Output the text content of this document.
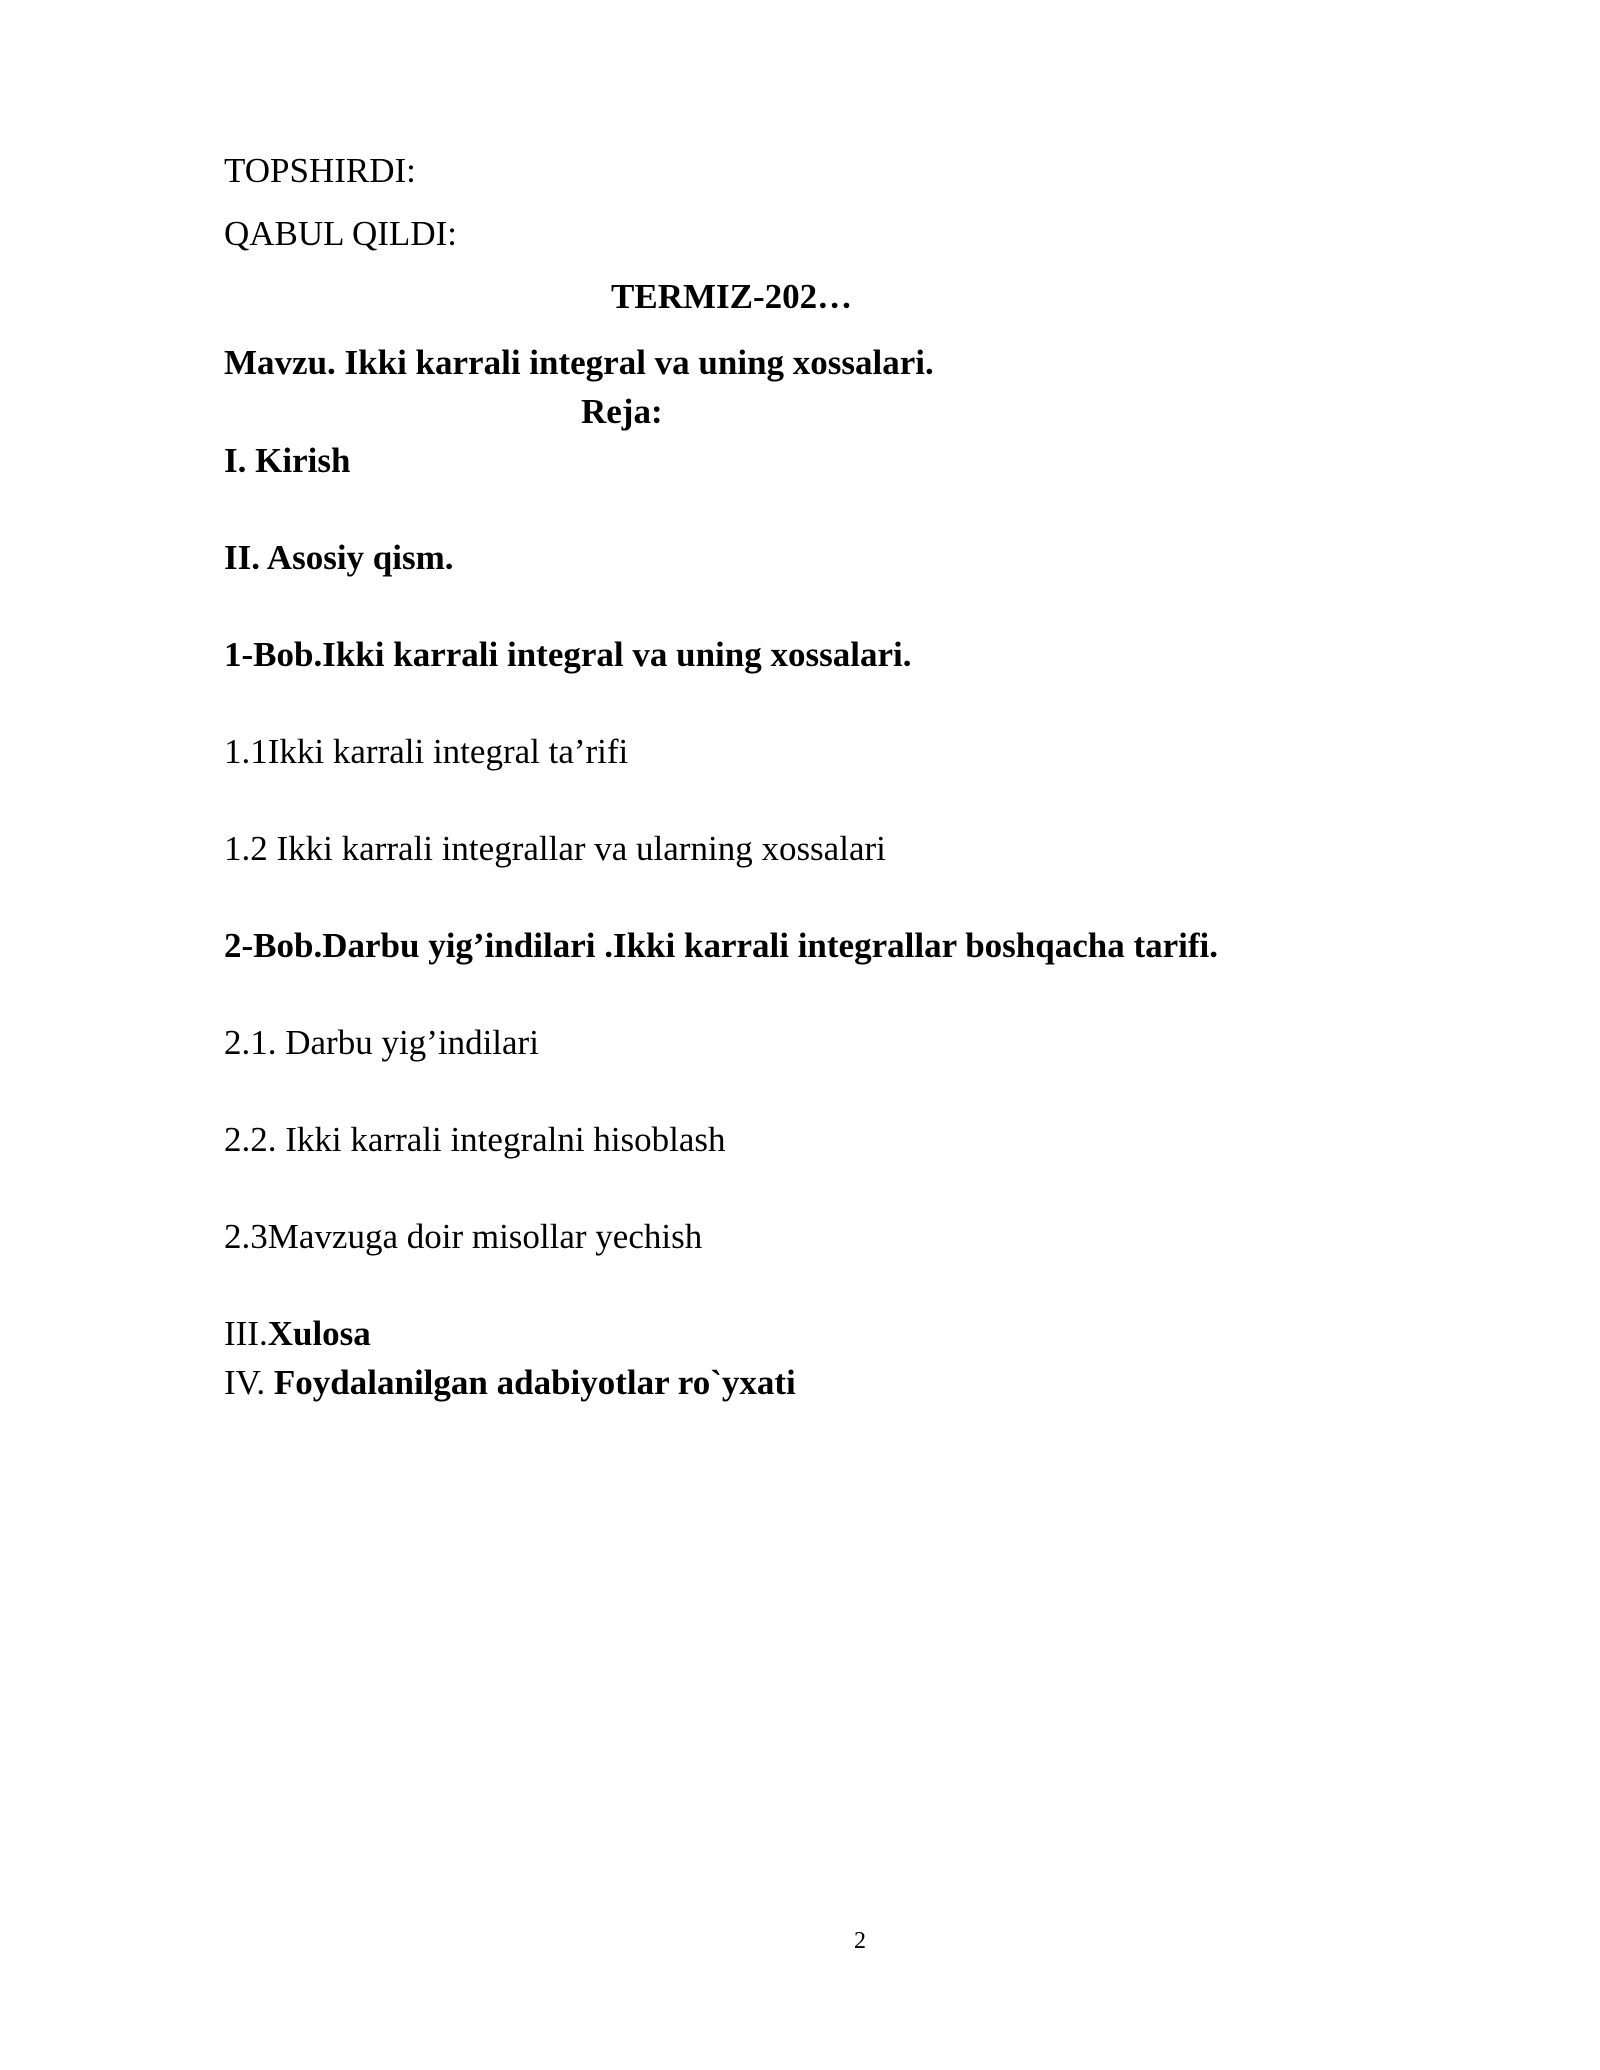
TOPSHIRDI:
QABUL QILDI:
TERMIZ-202…
Mavzu. Ikki karrali integral va uning xossalari.
Reja:
I. Kirish
II. Asosiy qism.
1-Bob.Ikki karrali integral va uning xossalari.
1.1Ikki karrali integral ta’rifi
1.2 Ikki karrali integrallar va ularning xossalari
2-Bob.Darbu yig’indilari .Ikki karrali integrallar boshqacha tarifi.
2.1. Darbu yig’indilari
2.2. Ikki karrali integralni hisoblash
2.3Mavzuga doir misollar yechish
III.Xulosa
IV. Foydalanilgan adabiyotlar ro`yxati
2
